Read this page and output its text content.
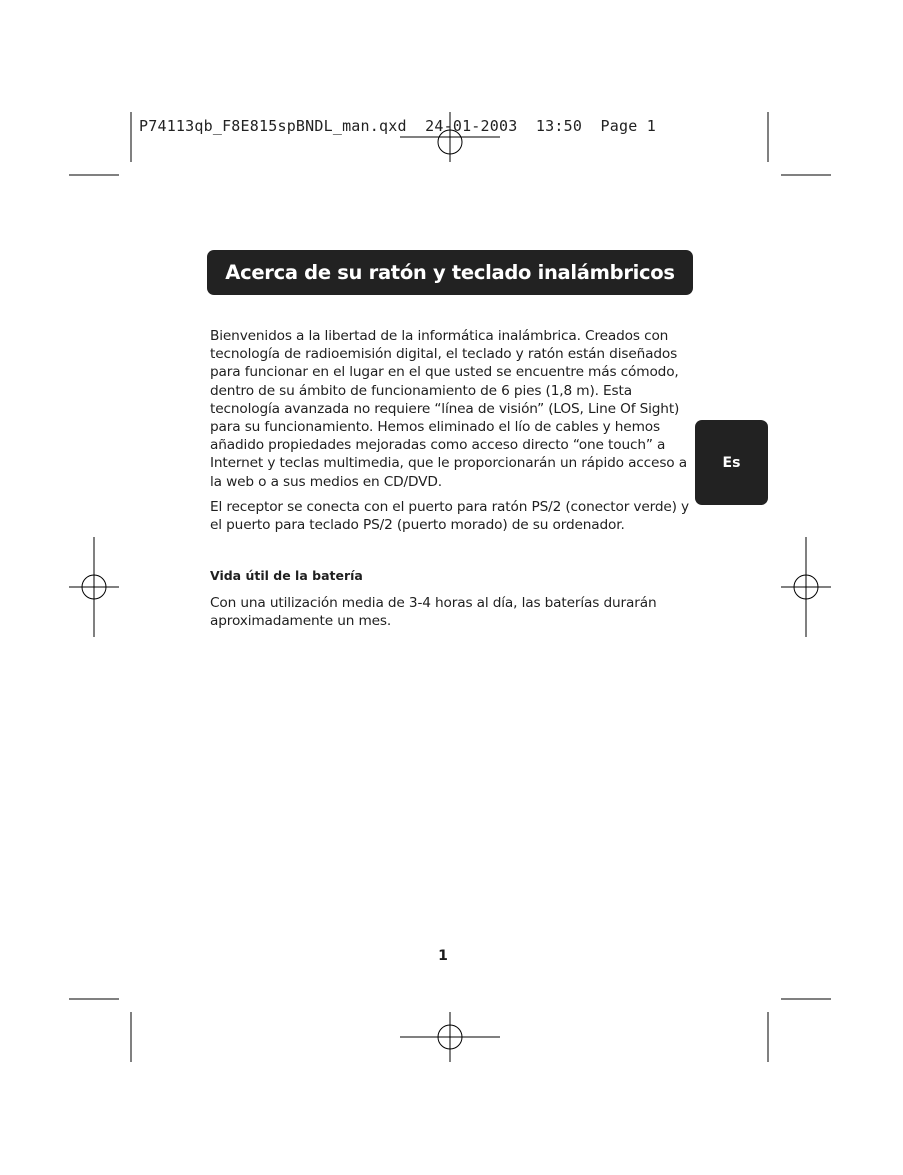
P74113qb_F8E815spBNDL_man.qxd  24-01-2003  13:50  Page 1
Acerca de su ratón y teclado inalámbricos
Es

Bienvenidos a la libertad de la informática inalámbrica. Creados con tecnología de radioemisión digital, el teclado y ratón están diseñados para funcionar en el lugar en el que usted se encuentre más cómodo, dentro de su ámbito de funcionamiento de 6 pies (1,8 m). Esta tecnología avanzada no requiere “línea de visión” (LOS, Line Of Sight) para su funcionamiento. Hemos eliminado el lío de cables y hemos añadido propiedades mejoradas como acceso directo “one touch” a Internet y teclas multimedia, que le proporcionarán un rápido acceso a la web o a sus medios en CD/DVD.

El receptor se conecta con el puerto para ratón PS/2 (conector verde) y el puerto para teclado PS/2 (puerto morado) de su ordenador.

Vida útil de la batería

Con una utilización media de 3-4 horas al día, las baterías durarán aproximadamente un mes.

1
